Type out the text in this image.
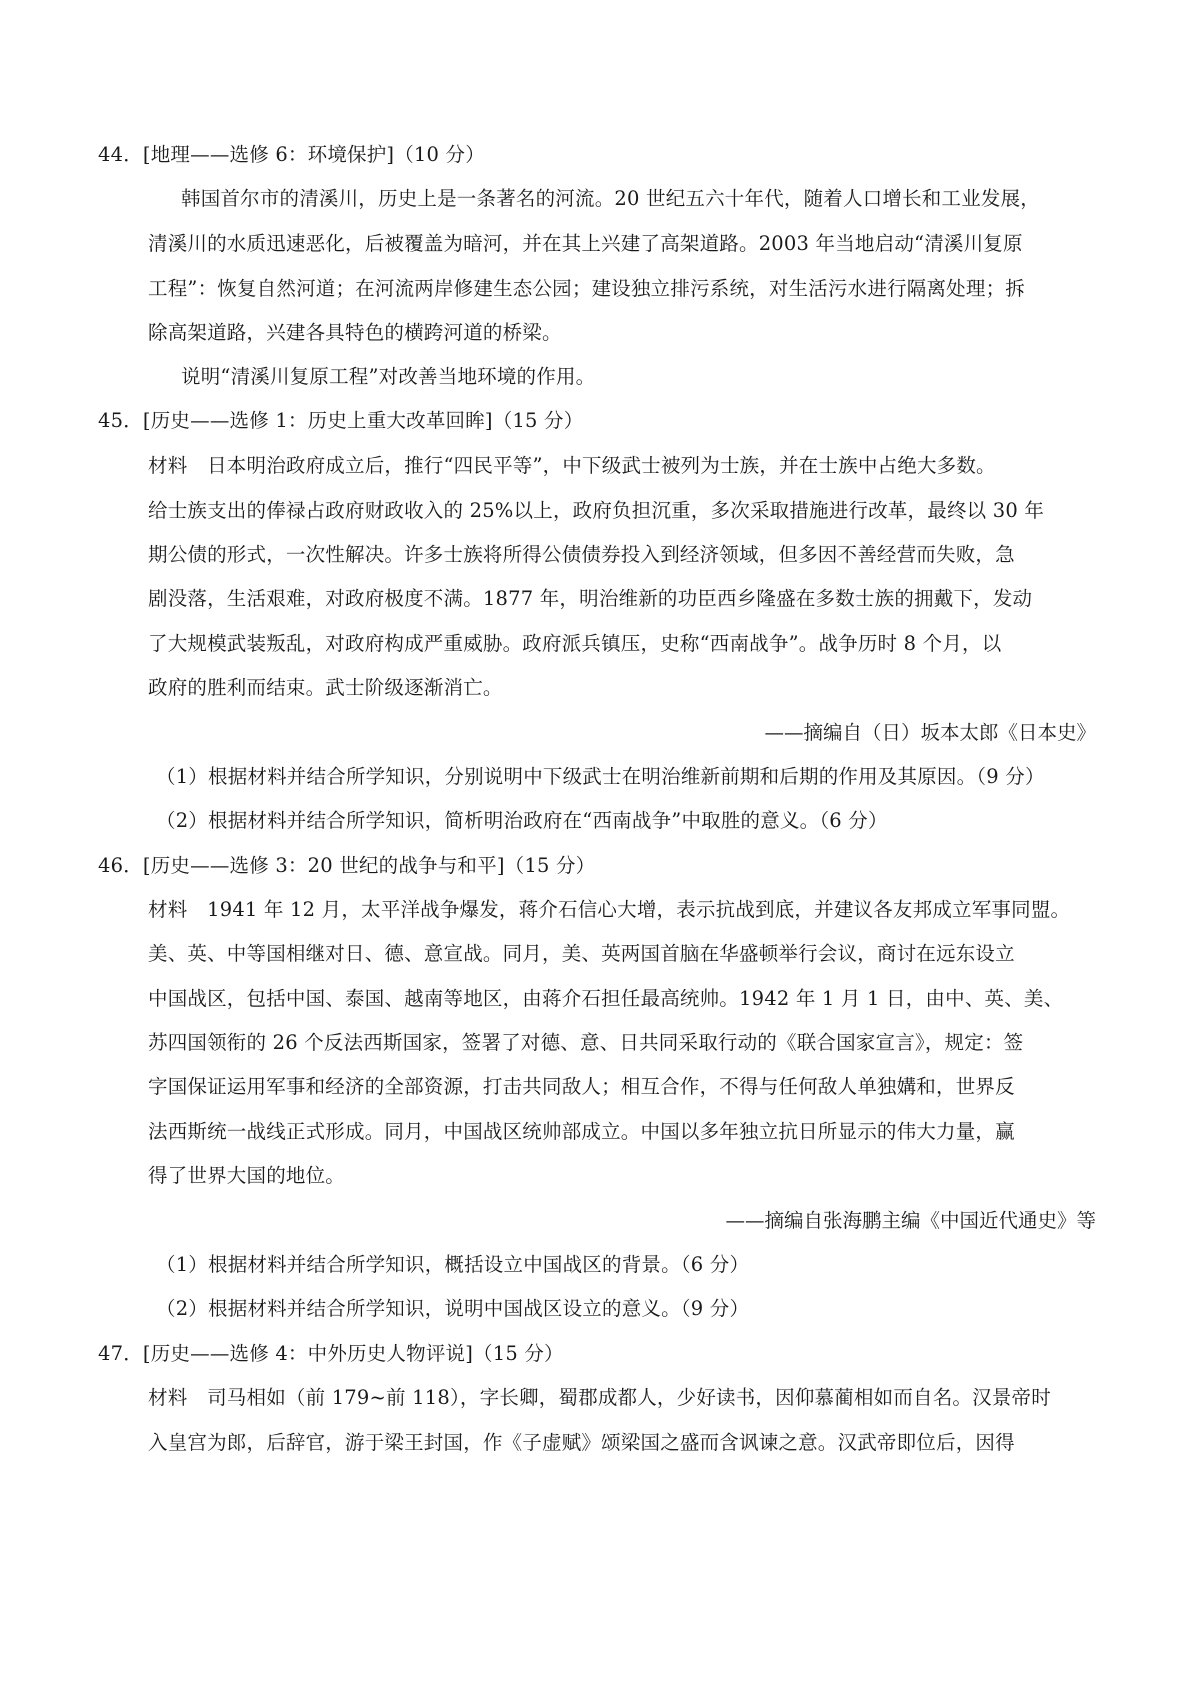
44．[地理——选修 6：环境保护]（10 分）
韩国首尔市的清溪川，历史上是一条著名的河流。20 世纪五六十年代，随着人口增长和工业发展，
清溪川的水质迅速恶化，后被覆盖为暗河，并在其上兴建了高架道路。2003 年当地启动“清溪川复原
工程”：恢复自然河道；在河流两岸修建生态公园；建设独立排污系统，对生活污水进行隔离处理；拆
除高架道路，兴建各具特色的横跨河道的桥梁。
说明“清溪川复原工程”对改善当地环境的作用。
45．[历史——选修 1：历史上重大改革回眸]（15 分）
材料　日本明治政府成立后，推行“四民平等”，中下级武士被列为士族，并在士族中占绝大多数。
给士族支出的俸禄占政府财政收入的 25%以上，政府负担沉重，多次采取措施进行改革，最终以 30 年
期公债的形式，一次性解决。许多士族将所得公债债券投入到经济领域，但多因不善经营而失败，急
剧没落，生活艰难，对政府极度不满。1877 年，明治维新的功臣西乡隆盛在多数士族的拥戴下，发动
了大规模武装叛乱，对政府构成严重威胁。政府派兵镇压，史称“西南战争”。战争历时 8 个月，以
政府的胜利而结束。武士阶级逐渐消亡。
——摘编自（日）坂本太郎《日本史》
（1）根据材料并结合所学知识，分别说明中下级武士在明治维新前期和后期的作用及其原因。（9 分）
（2）根据材料并结合所学知识，简析明治政府在“西南战争”中取胜的意义。（6 分）
46．[历史——选修 3：20 世纪的战争与和平]（15 分）
材料　1941 年 12 月，太平洋战争爆发，蒋介石信心大增，表示抗战到底，并建议各友邦成立军事同盟。
美、英、中等国相继对日、德、意宣战。同月，美、英两国首脑在华盛顿举行会议，商讨在远东设立
中国战区，包括中国、泰国、越南等地区，由蒋介石担任最高统帅。1942 年 1 月 1 日，由中、英、美、
苏四国领衔的 26 个反法西斯国家，签署了对德、意、日共同采取行动的《联合国家宣言》，规定：签
字国保证运用军事和经济的全部资源，打击共同敌人；相互合作，不得与任何敌人单独媾和，世界反
法西斯统一战线正式形成。同月，中国战区统帅部成立。中国以多年独立抗日所显示的伟大力量，赢
得了世界大国的地位。
——摘编自张海鹏主编《中国近代通史》等
（1）根据材料并结合所学知识，概括设立中国战区的背景。（6 分）
（2）根据材料并结合所学知识，说明中国战区设立的意义。（9 分）
47．[历史——选修 4：中外历史人物评说]（15 分）
材料　司马相如（前 179~前 118），字长卿，蜀郡成都人，少好读书，因仰慕蔺相如而自名。汉景帝时
入皇宫为郎，后辞官，游于梁王封国，作《子虚赋》颂梁国之盛而含讽谏之意。汉武帝即位后，因得
